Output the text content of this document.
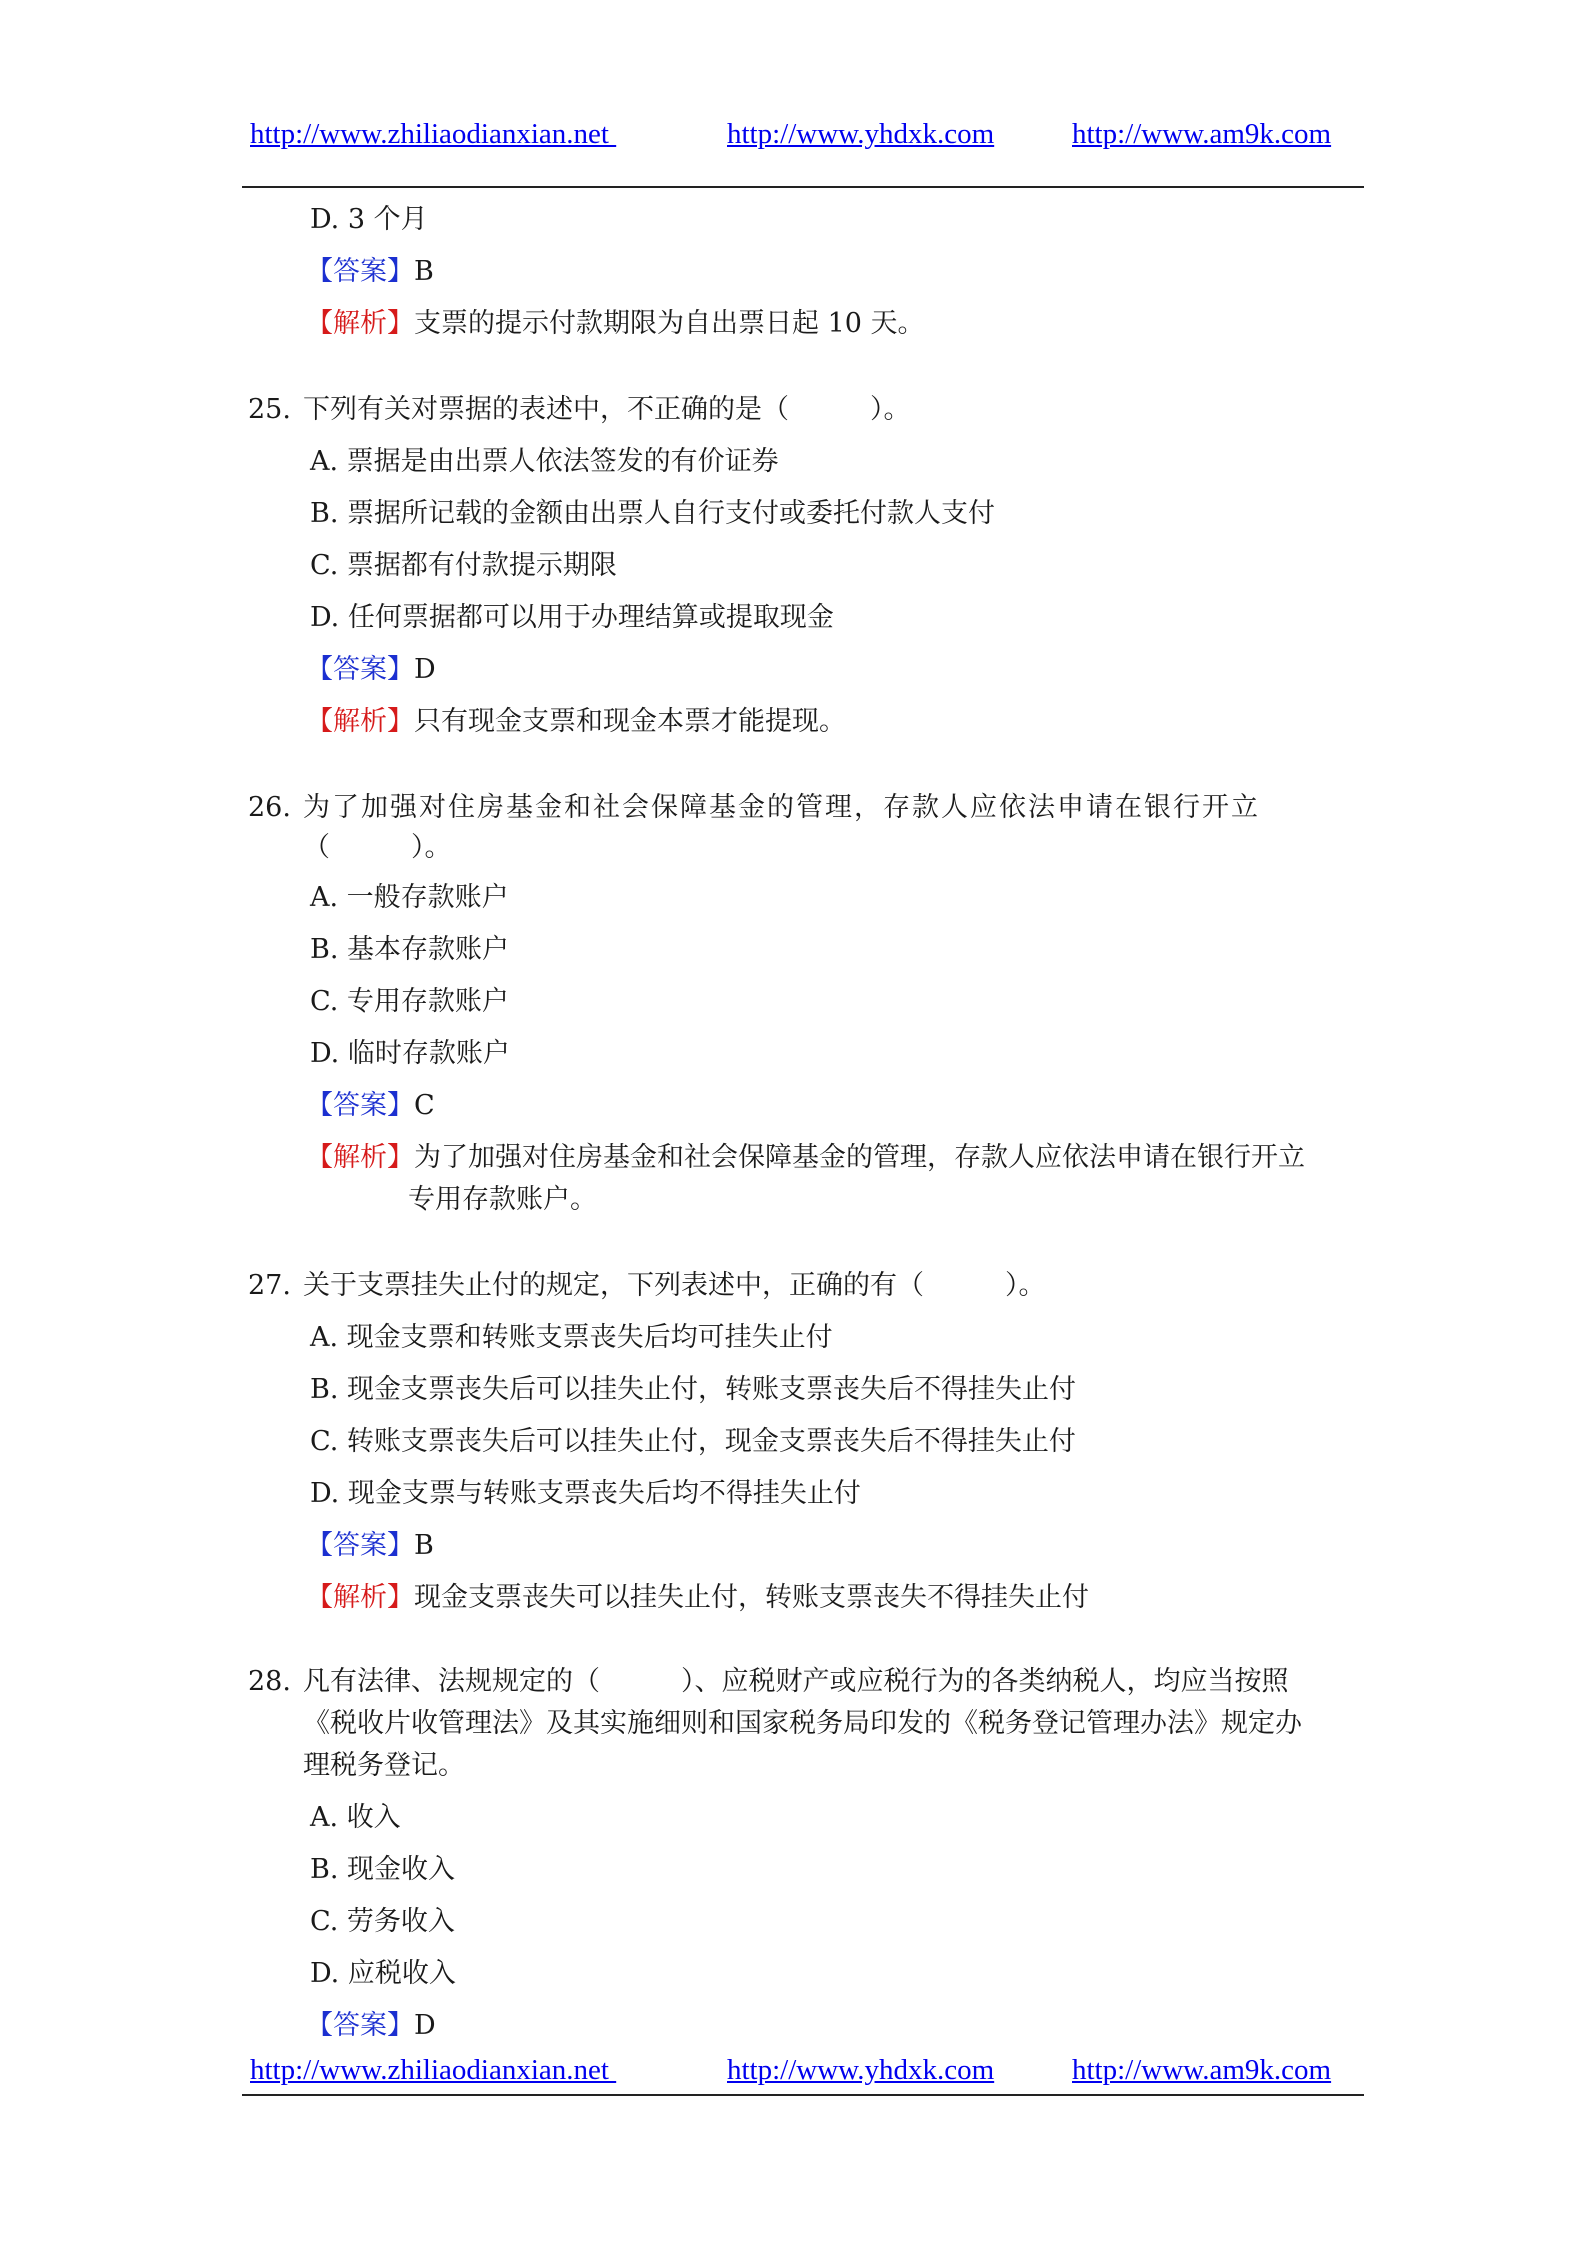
http://www.zhiliaodianxian.net	http://www.yhdxk.com	http://www.am9k.com
D. 3 个月
【答案】B
【解析】支票的提示付款期限为自出票日起 10 天。
25. 下列有关对票据的表述中，不正确的是（　　　）。
A. 票据是由出票人依法签发的有价证券
B. 票据所记载的金额由出票人自行支付或委托付款人支付
C. 票据都有付款提示期限
D. 任何票据都可以用于办理结算或提取现金
【答案】D
【解析】只有现金支票和现金本票才能提现。
26. 为了加强对住房基金和社会保障基金的管理，存款人应依法申请在银行开立
（　　　）。
A. 一般存款账户
B. 基本存款账户
C. 专用存款账户
D. 临时存款账户
【答案】C
【解析】为了加强对住房基金和社会保障基金的管理，存款人应依法申请在银行开立
专用存款账户。
27. 关于支票挂失止付的规定，下列表述中，正确的有（　　　）。
A. 现金支票和转账支票丧失后均可挂失止付
B. 现金支票丧失后可以挂失止付，转账支票丧失后不得挂失止付
C. 转账支票丧失后可以挂失止付，现金支票丧失后不得挂失止付
D. 现金支票与转账支票丧失后均不得挂失止付
【答案】B
【解析】现金支票丧失可以挂失止付，转账支票丧失不得挂失止付
28. 凡有法律、法规规定的（　　　）、应税财产或应税行为的各类纳税人，均应当按照
《税收片收管理法》及其实施细则和国家税务局印发的《税务登记管理办法》规定办
理税务登记。
A. 收入
B. 现金收入
C. 劳务收入
D. 应税收入
【答案】D
http://www.zhiliaodianxian.net	http://www.yhdxk.com	http://www.am9k.com
